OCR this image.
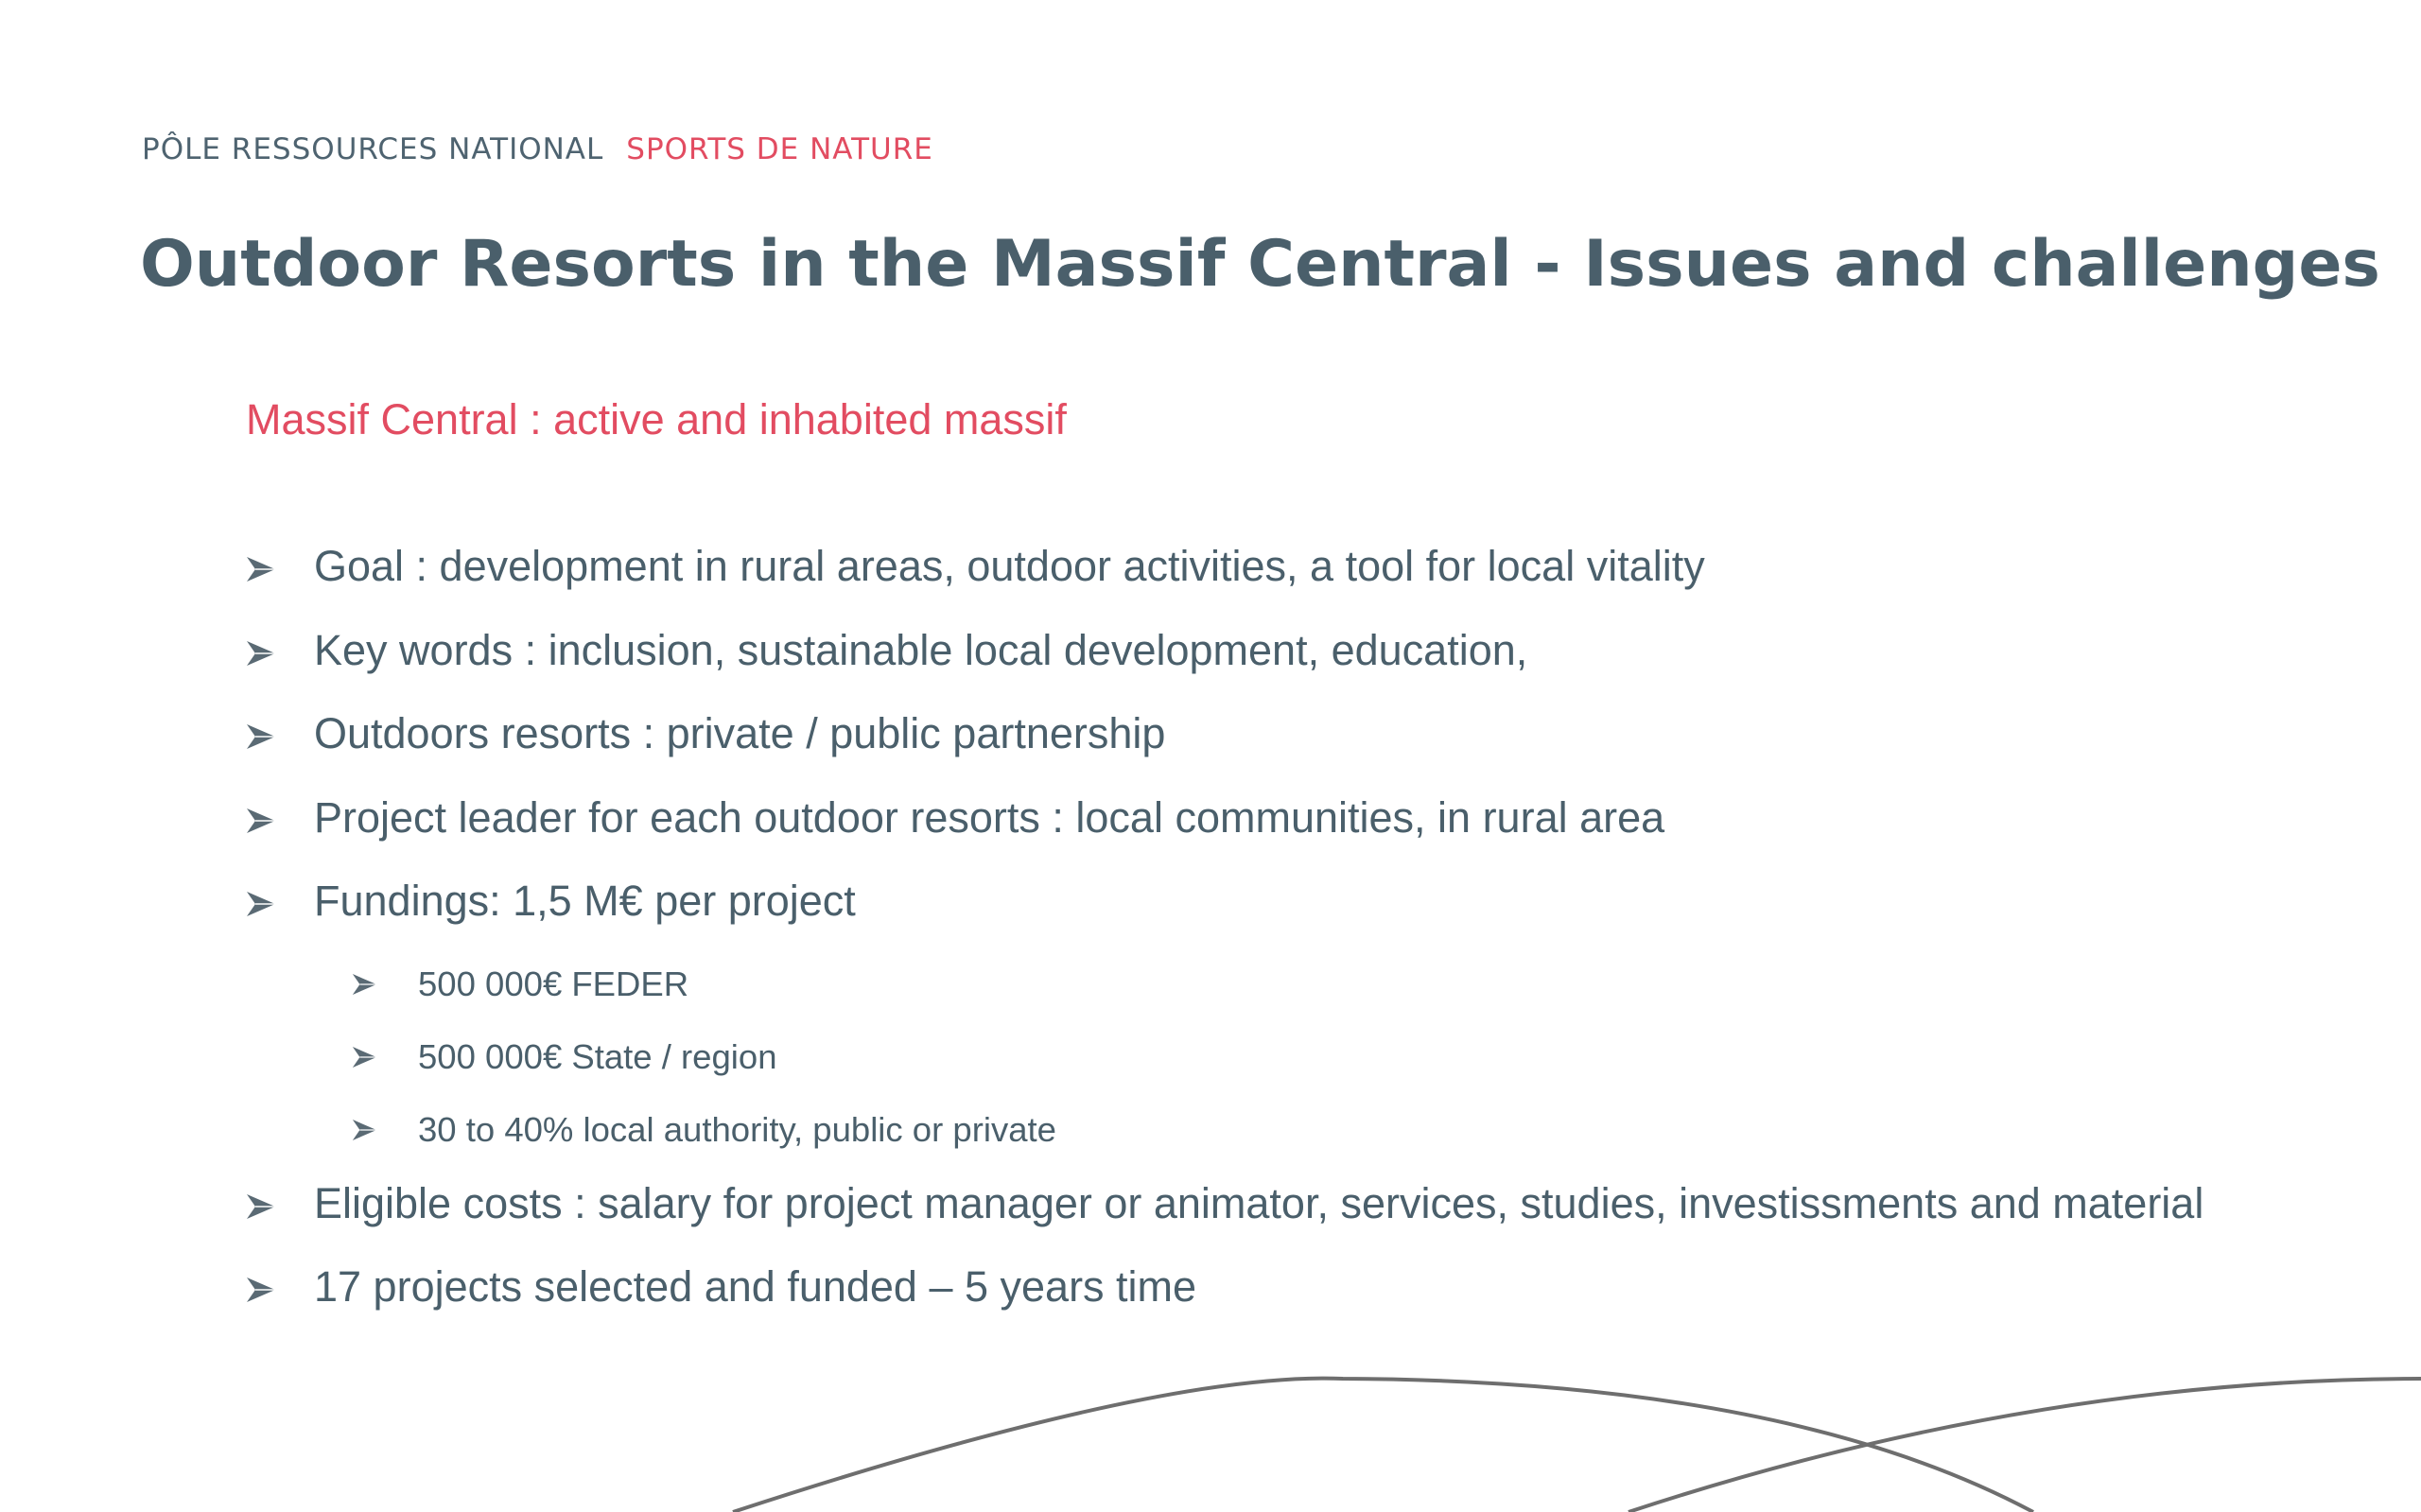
PÔLE RESSOURCES NATIONAL SPORTS DE NATURE
Outdoor Resorts in the Massif Central - Issues and challenges
Massif Central : active and inhabited massif
Goal : development in rural areas, outdoor activities, a tool for local vitality
Key words : inclusion, sustainable local development, education,
Outdoors resorts : private / public partnership
Project leader for each outdoor resorts : local communities, in rural area
Fundings: 1,5 M€ per project
500 000€ FEDER
500 000€ State / region
30 to 40% local authority, public or private
Eligible costs : salary for project manager or animator, services, studies, investissments and material
17 projects selected and funded – 5 years time
